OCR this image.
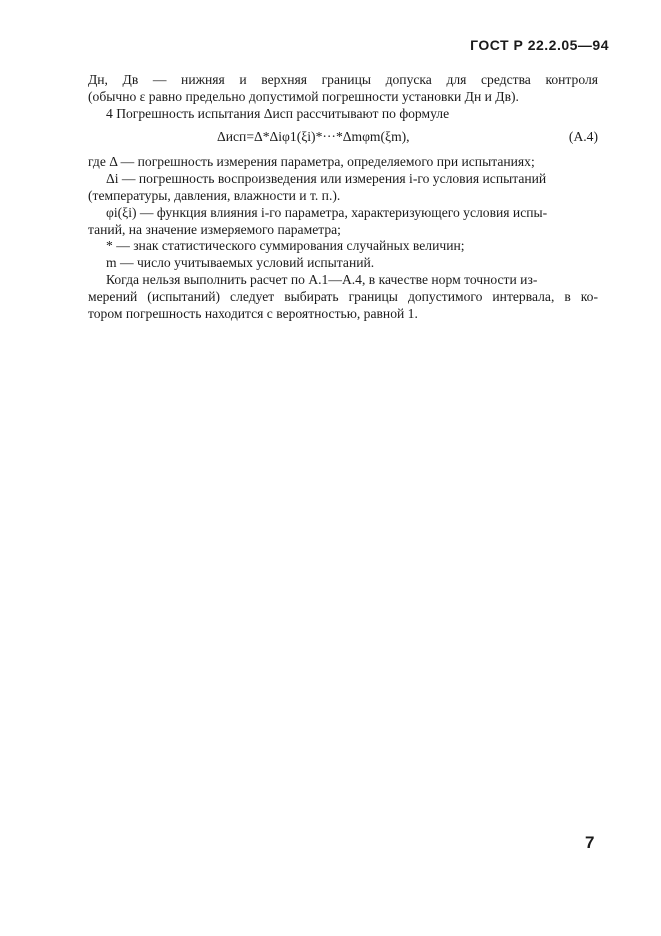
ГОСТ Р 22.2.05—94
Дн, Дв — нижняя и верхняя границы допуска для средства контроля
(обычно ε равно предельно допустимой погрешности установки Дн и Дв).
4 Погрешность испытания Δисп рассчитывают по формуле
Δисп=Δ*Δiφ1(ξi)*···*Δmφm(ξm),	(А.4)
где Δ — погрешность измерения параметра, определяемого при испытаниях;
Δi — погрешность воспроизведения или измерения i-го условия испытаний
(температуры, давления, влажности и т. п.).
φi(ξi) — функция влияния i-го параметра, характеризующего условия испы-
таний, на значение измеряемого параметра;
* — знак статистического суммирования случайных величин;
m — число учитываемых условий испытаний.
Когда нельзя выполнить расчет по А.1—А.4, в качестве норм точности из-
мерений (испытаний) следует выбирать границы допустимого интервала, в ко-
тором погрешность находится с вероятностью, равной 1.
7
